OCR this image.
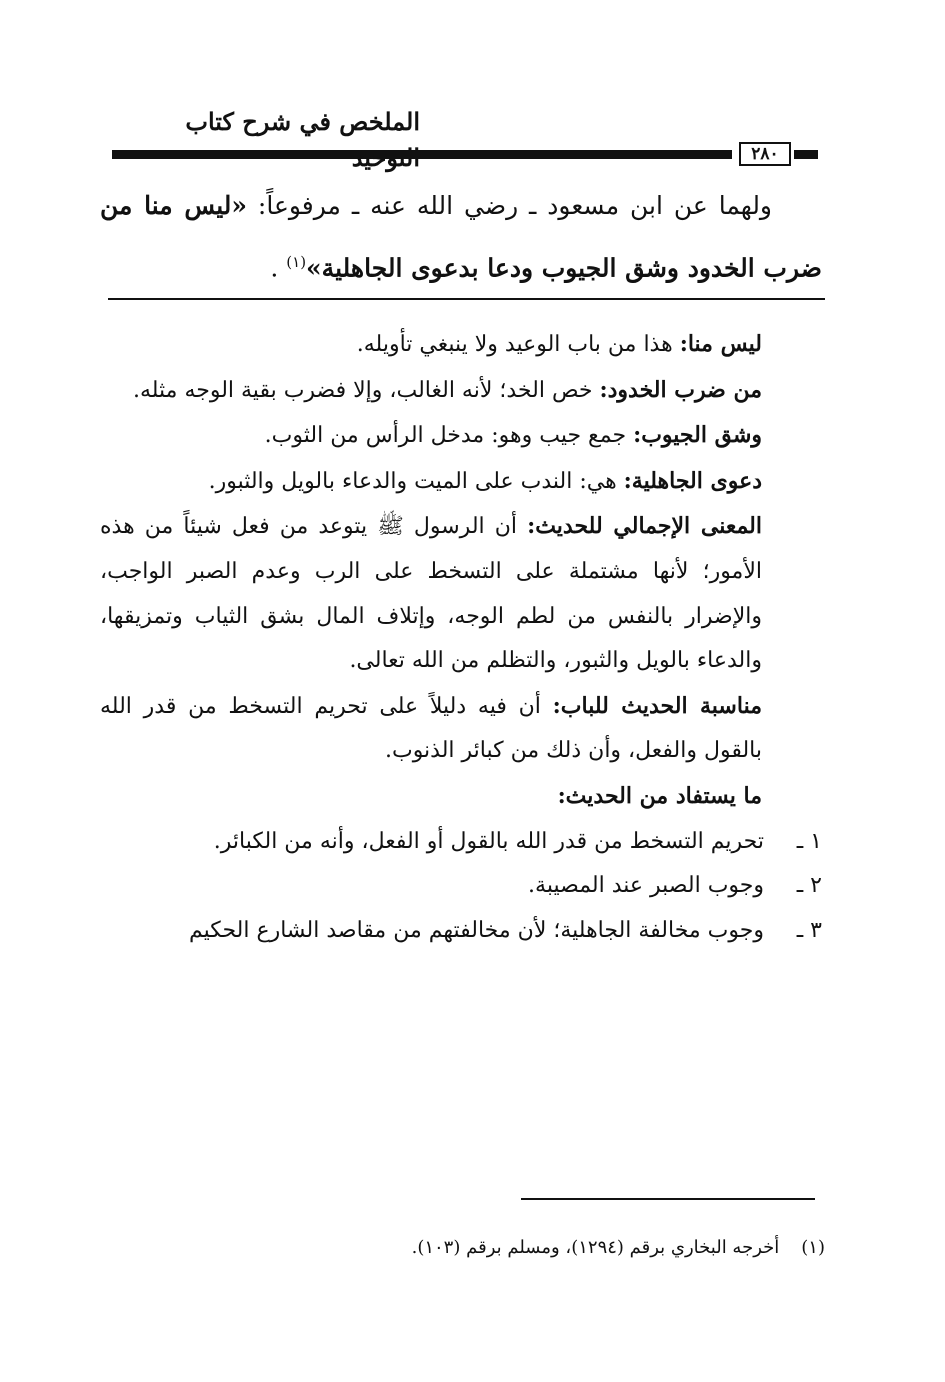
الملخص في شرح كتاب
٢٨٠
ولهما عن ابن مسعود ـ رضي الله عنه ـ مرفوعاً: «ليس منا من ضرب الخدود وشق الجيوب ودعا بدعوى الجاهلية»$^{(١)}$ .

ليس منا: هذا من باب الوعيد ولا ينبغي تأويله.

من ضرب الخدود: خص الخد؛ لأنه الغالب، وإلا فضرب بقية الوجه مثله.

وشق الجيوب: جمع جيب وهو: مدخل الرأس من الثوب.

دعوى الجاهلية: هي: الندب على الميت والدعاء بالويل والثبور.

المعنى الإجمالي للحديث: أن الرسول ﷺ يتوعد من فعل شيئاً من هذه الأمور؛ لأنها مشتملة على التسخط على الرب وعدم الصبر الواجب، والإضرار بالنفس من لطم الوجه، وإتلاف المال بشق الثياب وتمزيقها، والدعاء بالويل والثبور، والتظلم من الله تعالى.

مناسبة الحديث للباب: أن فيه دليلاً على تحريم التسخط من قدر الله بالقول والفعل، وأن ذلك من كبائر الذنوب.

ما يستفاد من الحديث:

١ ـ
تحريم التسخط من قدر الله بالقول أو الفعل، وأنه من الكبائر.
٢ ـ
وجوب الصبر عند المصيبة.
٣ ـ
وجوب مخالفة الجاهلية؛ لأن مخالفتهم من مقاصد الشارع الحكيم
(١)أخرجه البخاري برقم (١٢٩٤)، ومسلم برقم (١٠٣).
